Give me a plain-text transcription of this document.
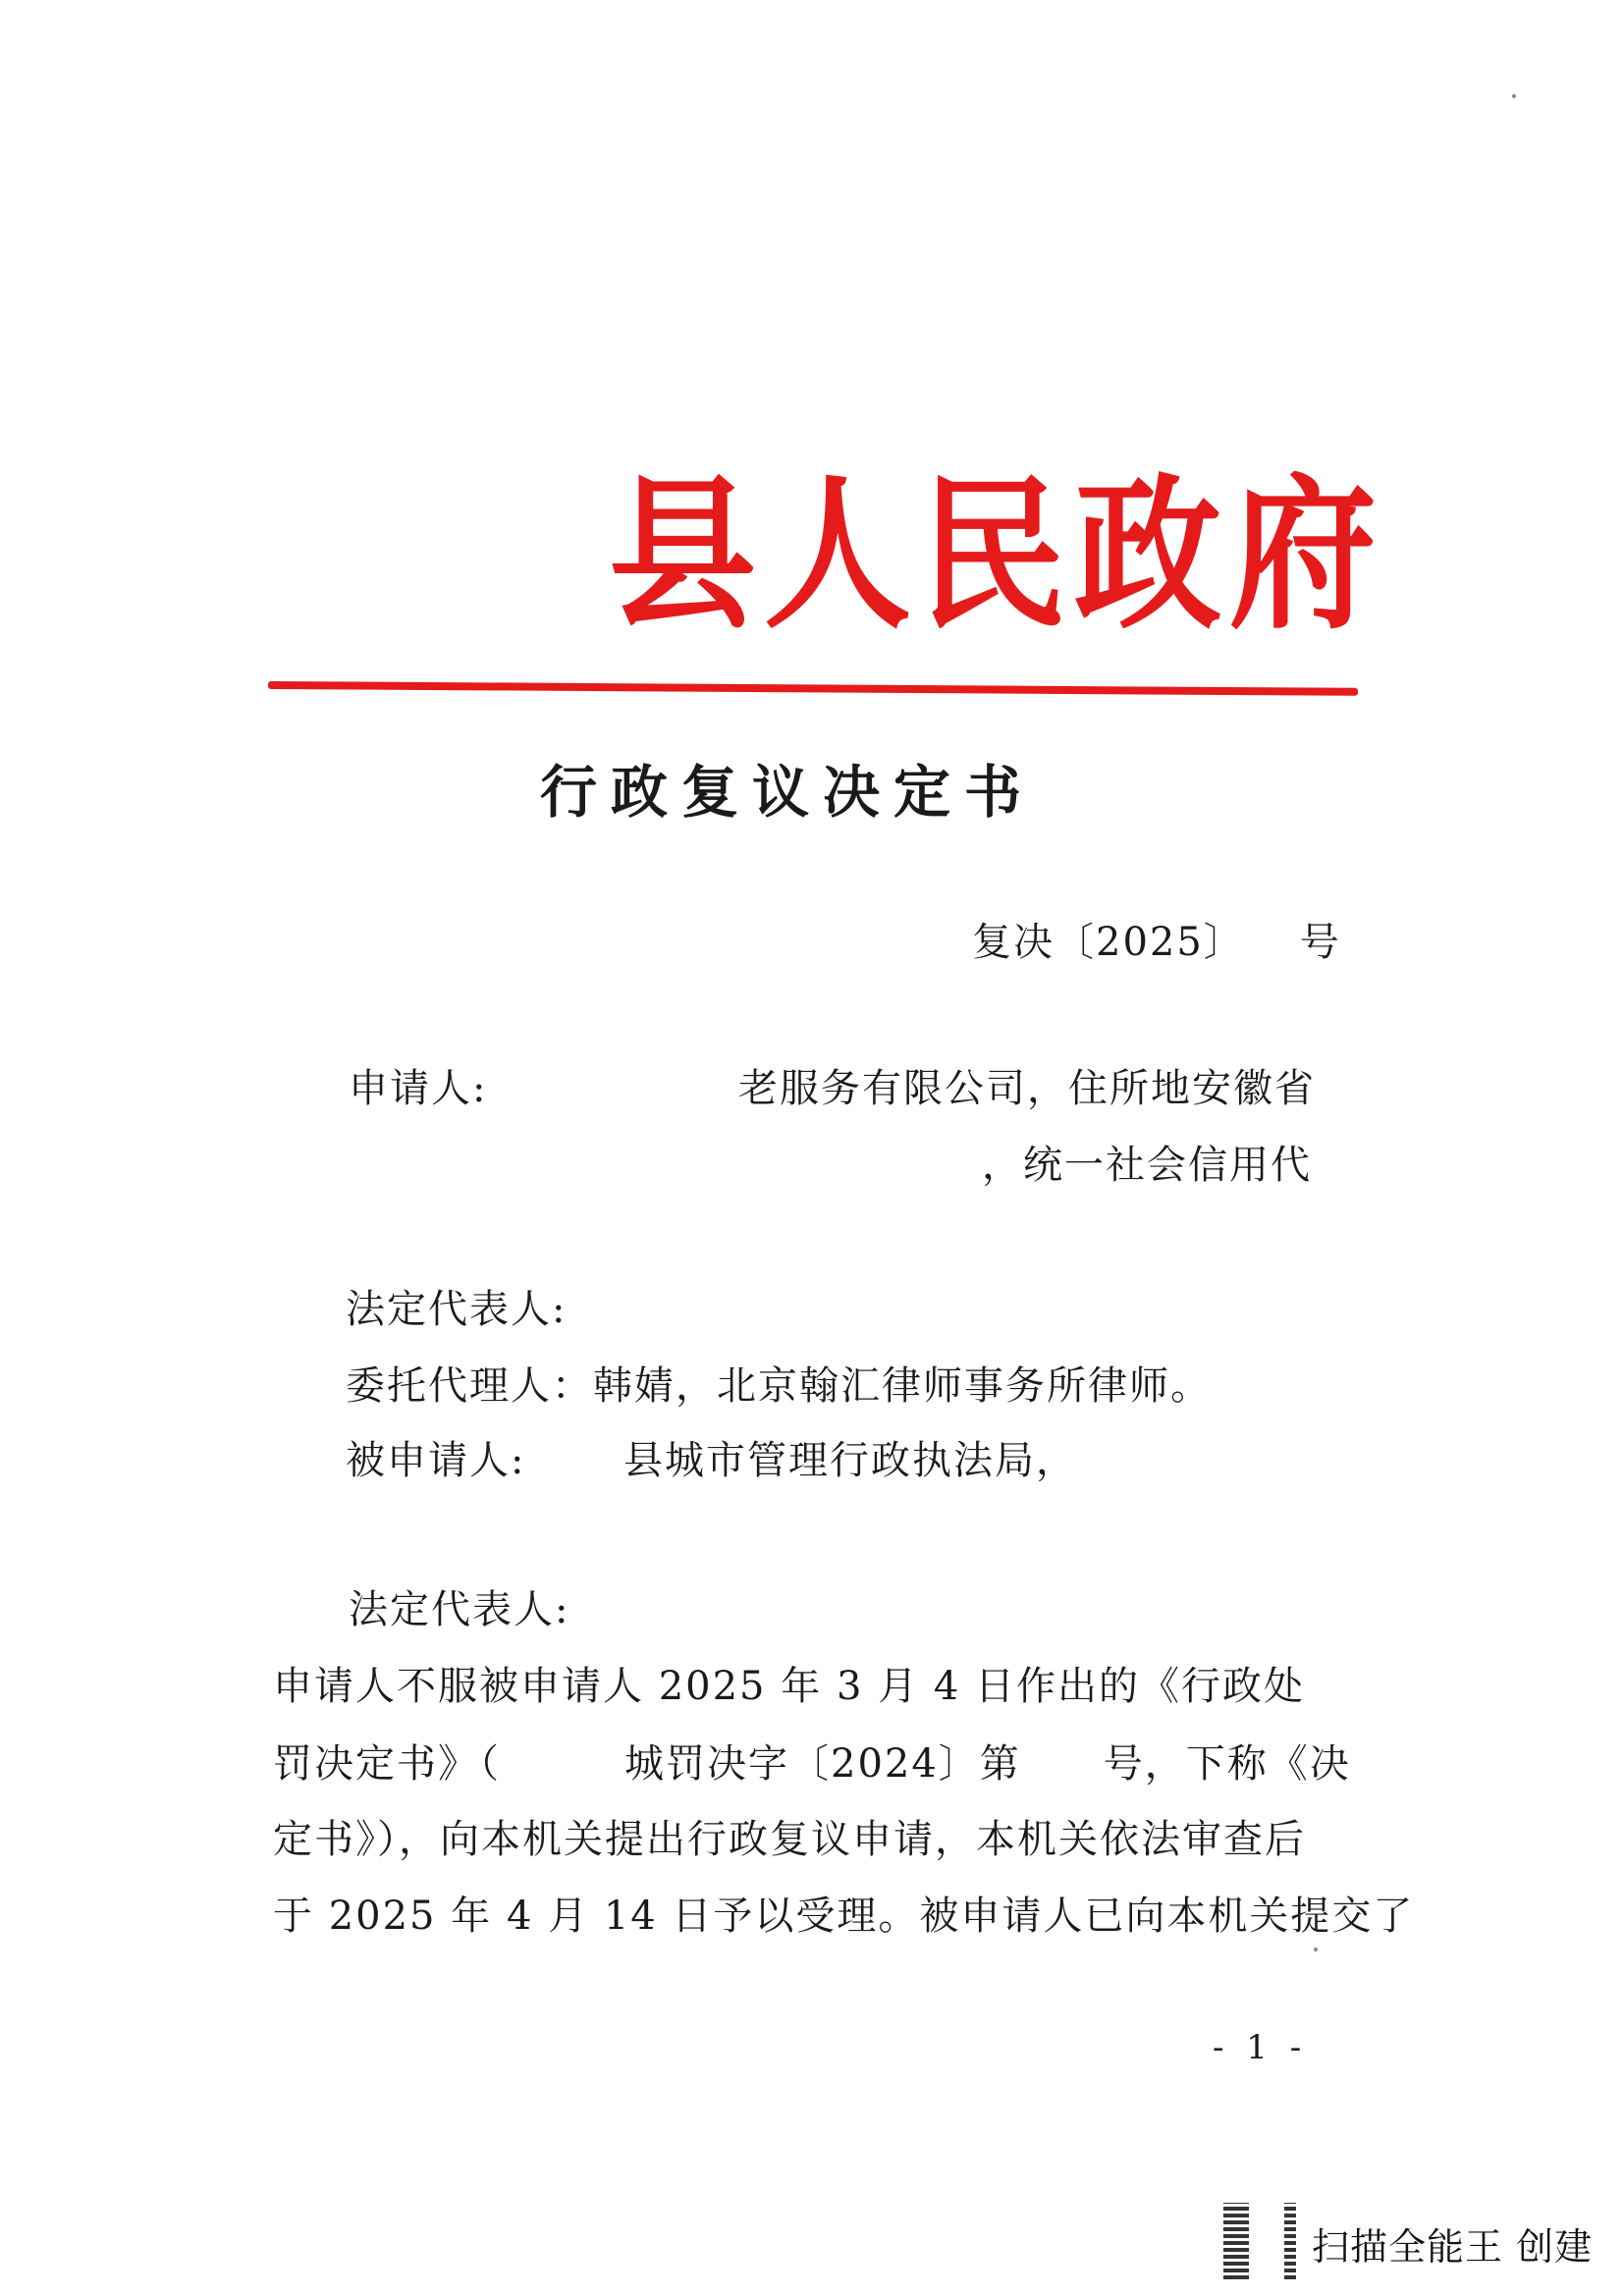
县人民政府
行政复议决定书
复决〔2025〕 号
申请人:	老服务有限公司，住所地安徽省
，统一社会信用代
法定代表人:
委托代理人：韩婧，北京翰汇律师事务所律师。
被申请人: 县城市管理行政执法局，
法定代表人:
申请人不服被申请人 2025 年 3 月 4 日作出的《行政处
罚决定书》（　　　城罚决字〔2024〕第　　号，下称《决
定书》），向本机关提出行政复议申请，本机关依法审查后
于 2025 年 4 月 14 日予以受理。被申请人已向本机关提交了
- 1 -
扫描全能王 创建
